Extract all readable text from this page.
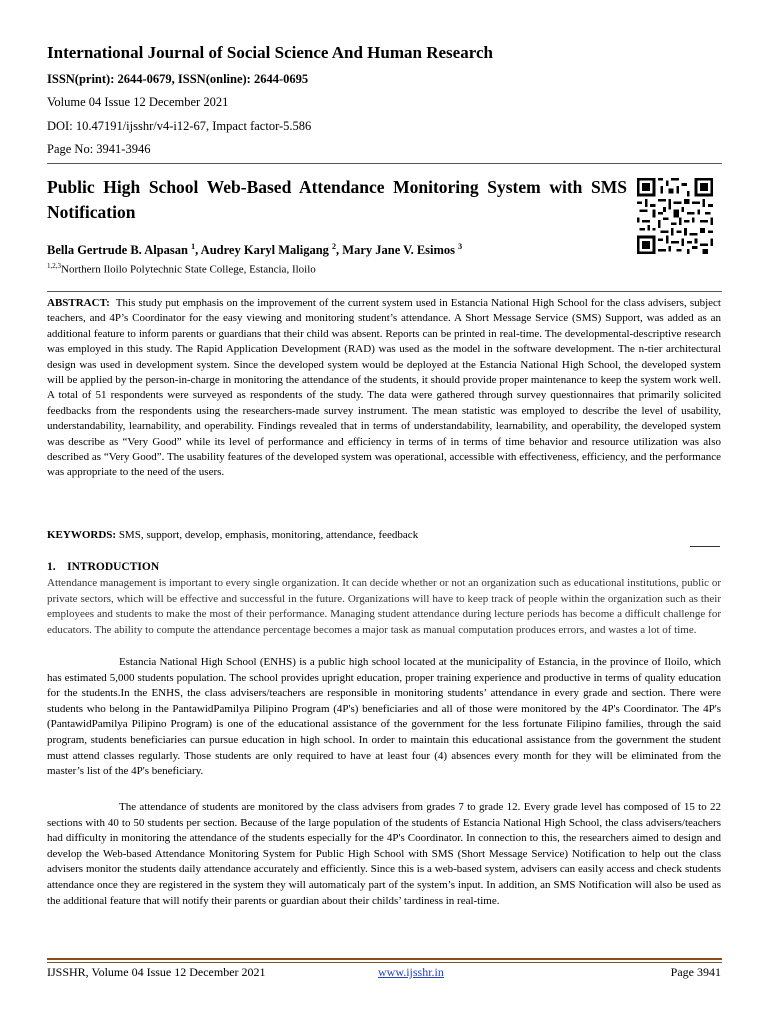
International Journal of Social Science And Human Research
ISSN(print): 2644-0679, ISSN(online): 2644-0695
Volume 04 Issue 12 December 2021
DOI: 10.47191/ijsshr/v4-i12-67, Impact factor-5.586
Page No: 3941-3946
Public High School Web-Based Attendance Monitoring System with SMS Notification
Bella Gertrude B. Alpasan $^1$, Audrey Karyl Maligang $^2$, Mary Jane V. Esimos $^3$
$^{1,2,3}$Northern Iloilo Polytechnic State College, Estancia, Iloilo
ABSTRACT: This study put emphasis on the improvement of the current system used in Estancia National High School for the class advisers, subject teachers, and 4P’s Coordinator for the easy viewing and monitoring student’s attendance. A Short Message Service (SMS) Support, was added as an additional feature to inform parents or guardians that their child was absent. Reports can be printed in real-time. The developmental-descriptive research was employed in this study. The Rapid Application Development (RAD) was used as the model in the software development. The n-tier architectural design was used in development system. Since the developed system would be deployed at the Estancia National High School, the developed system will be applied by the person-in-charge in monitoring the attendance of the students, it should provide proper maintenance to keep the system work well. A total of 51 respondents were surveyed as respondents of the study. The data were gathered through survey questionnaires that primarily solicited feedbacks from the respondents using the researchers-made survey instrument. The mean statistic was employed to describe the level of usability, understandability, learnability, and operability. Findings revealed that in terms of understandability, learnability, and operability, the developed system was describe as “Very Good” while its level of performance and efficiency in terms of in terms of time behavior and resource utilization was also described as “Very Good”. The usability features of the developed system was operational, accessible with effectiveness, efficiency, and the performance was appropriate to the need of the users.
KEYWORDS: SMS, support, develop, emphasis, monitoring, attendance, feedback
1.    INTRODUCTION
Attendance management is important to every single organization. It can decide whether or not an organization such as educational institutions, public or private sectors, which will be effective and successful in the future. Organizations will have to keep track of people within the organization such as their employees and students to make the most of their performance. Managing student attendance during lecture periods has become a difficult challenge for educators. The ability to compute the attendance percentage becomes a major task as manual computation produces errors, and wastes a lot of time.
Estancia National High School (ENHS) is a public high school located at the municipality of Estancia, in the province of Iloilo, which has estimated 5,000 students population. The school provides upright education, proper training experience and productive in terms of quality education for the students.In the ENHS, the class advisers/teachers are responsible in monitoring students’ attendance in every grade and section. There were students who belong in the PantawidPamilya Pilipino Program (4P's) beneficiaries and all of those were monitored by the 4P's Coordinator. The 4P's (PantawidPamilya Pilipino Program) is one of the educational assistance of the government for the less fortunate Filipino families, through the said program, students beneficiaries can pursue education in high school. In order to maintain this educational assistance from the government the student must attend classes regularly. Those students are only required to have at least four (4) absences every month for they will be eliminated from the master’s list of the 4P's beneficiary.
The attendance of students are monitored by the class advisers from grades 7 to grade 12. Every grade level has composed of 15 to 22 sections with 40 to 50 students per section. Because of the large population of the students of Estancia National High School, the class advisers/teachers had difficulty in monitoring the attendance of the students especially for the 4P's Coordinator. In connection to this, the researchers aimed to design and develop the Web-based Attendance Monitoring System for Public High School with SMS (Short Message Service) Notification to help out the class advisers monitor the students daily attendance accurately and efficiently. Since this is a web-based system, advisers can easily access and check students attendance once they are registered in the system they will automaticaly part of the system’s input. In addition, an SMS Notification will also be used as the additional feature that will notify their parents or guardian about their childs’ tardiness in real-time.
IJSSHR, Volume 04 Issue 12 December 2021	www.ijsshr.in	Page 3941
